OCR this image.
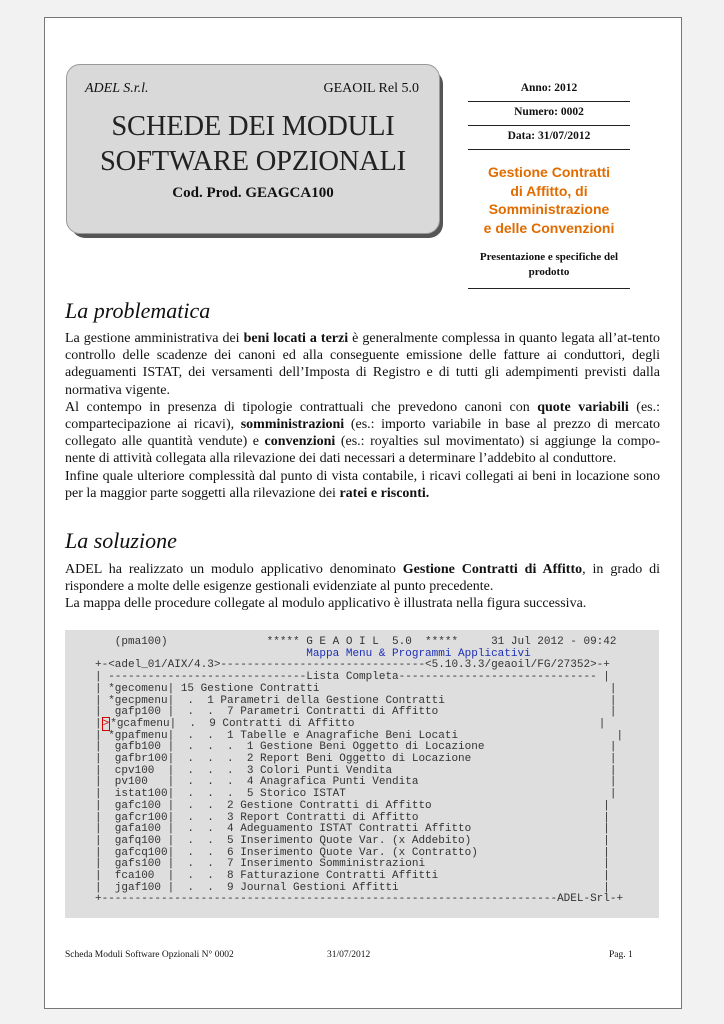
ADEL S.r.l.	GEAOIL Rel 5.0
SCHEDE DEI MODULI
SOFTWARE OPZIONALI
Cod. Prod. GEAGCA100
Anno: 2012
Numero: 0002
Data: 31/07/2012
Gestione Contratti
di Affitto, di
Somministrazione
e delle Convenzioni
Presentazione e specifiche del
prodotto
La problematica

La gestione amministrativa dei beni locati a terzi è generalmente complessa in quanto legata all’at-tento controllo delle scadenze dei canoni ed alla conseguente emissione delle fatture ai conduttori, degli adeguamenti ISTAT, dei versamenti dell’Imposta di Registro e di tutti gli adempimenti previsti dalla normativa vigente.

Al contempo in presenza di tipologie contrattuali che prevedono canoni con quote variabili (es.: compartecipazione ai ricavi), somministrazioni (es.: importo variabile in base al prezzo di mercato collegato alle quantità vendute) e convenzioni (es.: royalties sul movimentato) si aggiunge la compo-nente di attività collegata alla rilevazione dei dati necessari a determinare l’addebito al conduttore.

Infine quale ulteriore complessità dal punto di vista contabile, i ricavi collegati ai beni in locazione sono per la maggior parte soggetti alla rilevazione dei ratei e risconti.

La soluzione

ADEL ha realizzato un modulo applicativo denominato Gestione Contratti di Affitto, in grado di rispondere a molte delle esigenze gestionali evidenziate al punto precedente.

La mappa delle procedure collegate al modulo applicativo è illustrata nella figura successiva.

(pma100)               ***** G E A O I L  5.0  *****     31 Jul 2012 - 09:42
Mappa Menu & Programmi Applicativi
+-<adel_01/AIX/4.3>-------------------------------<5.10.3.3/geaoil/FG/27352>-+
| ------------------------------Lista Completa------------------------------ |
| *gecomenu| 15 Gestione Contratti                                            |
| *gecpmenu|  .  1 Parametri della Gestione Contratti                         |
|  gafp100 |  .  .  7 Parametri Contratti di Affitto                          |
|>*gcafmenu|  .  9 Contratti di Affitto                                     |
| *gpafmenu|  .  .  1 Tabelle e Anagrafiche Beni Locati                        |
|  gafb100 |  .  .  .  1 Gestione Beni Oggetto di Locazione                   |
|  gafbr100|  .  .  .  2 Report Beni Oggetto di Locazione                     |
|  cpv100  |  .  .  .  3 Colori Punti Vendita                                 |
|  pv100   |  .  .  .  4 Anagrafica Punti Vendita                             |
|  istat100|  .  .  .  5 Storico ISTAT                                        |
|  gafc100 |  .  .  2 Gestione Contratti di Affitto                          |
|  gafcr100|  .  .  3 Report Contratti di Affitto                            |
|  gafa100 |  .  .  4 Adeguamento ISTAT Contratti Affitto                    |
|  gafq100 |  .  .  5 Inserimento Quote Var. (x Addebito)                    |
|  gafcq100|  .  .  6 Inserimento Quote Var. (x Contratto)                   |
|  gafs100 |  .  .  7 Inserimento Somministrazioni                           |
|  fca100  |  .  .  8 Fatturazione Contratti Affitti                         |
|  jgaf100 |  .  .  9 Journal Gestioni Affitti                               |
+---------------------------------------------------------------------ADEL-Srl-+
Scheda Moduli Software Opzionali N° 0002	31/07/2012	Pag. 1
